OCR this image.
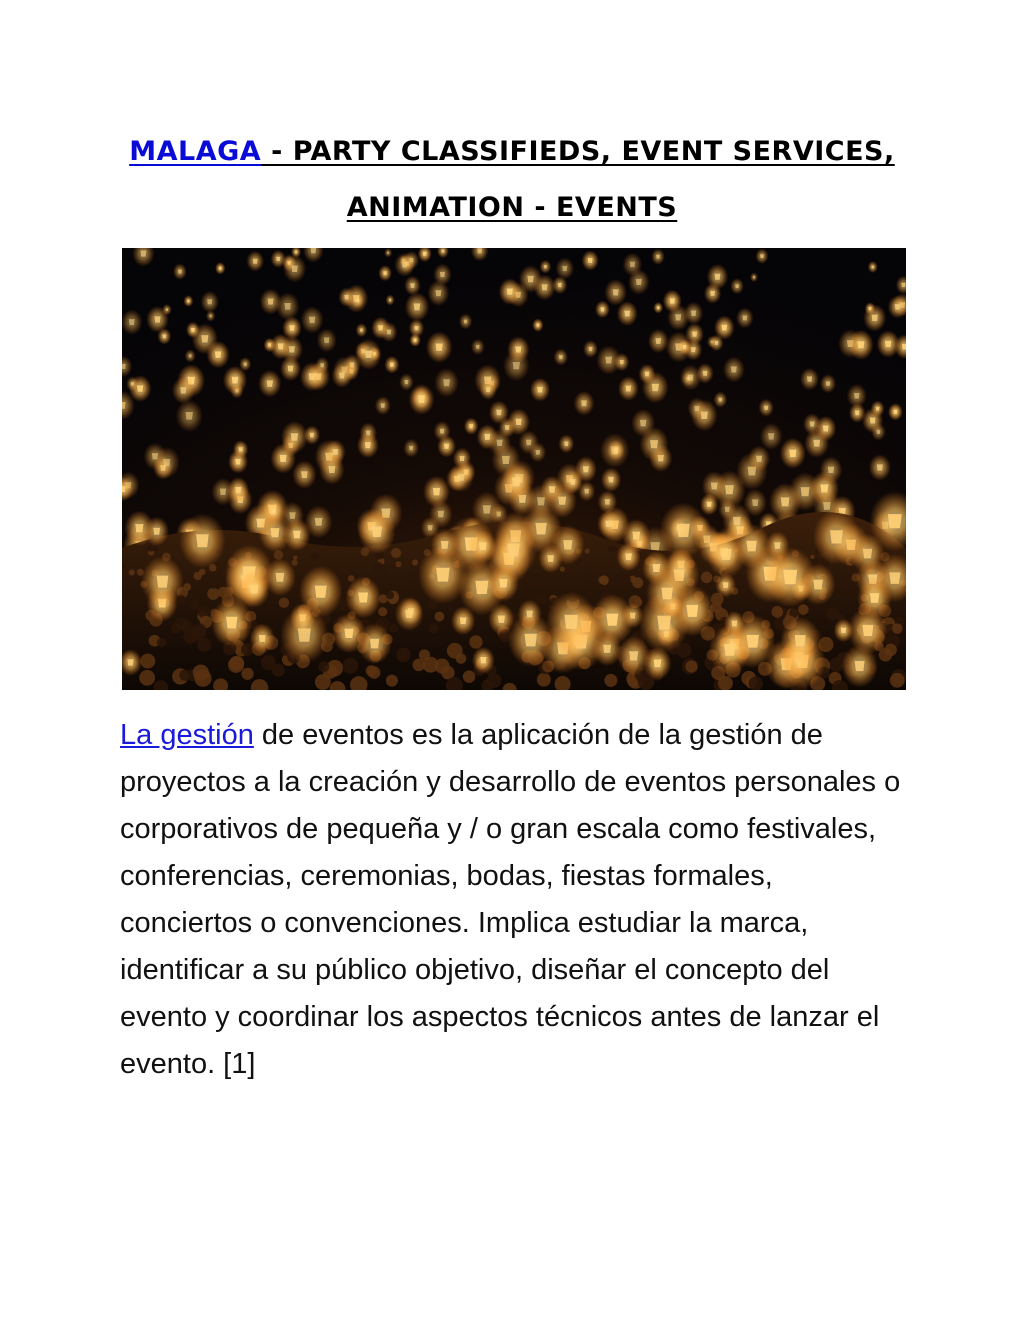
MALAGA - PARTY CLASSIFIEDS, EVENT SERVICES, ANIMATION - EVENTS

La gestión de eventos es la aplicación de la gestión de proyectos a la creación y desarrollo de eventos personales o corporativos de pequeña y / o gran escala como festivales, conferencias, ceremonias, bodas, fiestas formales, conciertos o convenciones. Implica estudiar la marca, identificar a su público objetivo, diseñar el concepto del evento y coordinar los aspectos técnicos antes de lanzar el evento. [1]
